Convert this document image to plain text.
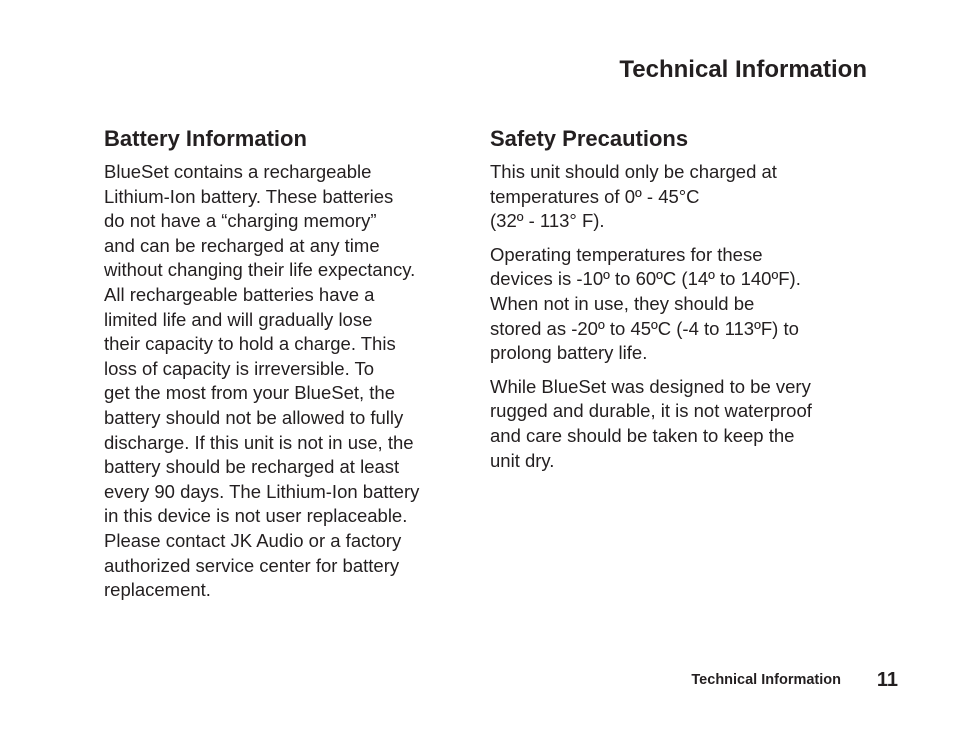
Technical Information
Battery Information

BlueSet contains a rechargeable
Lithium-Ion battery. These batteries
do not have a “charging memory”
and can be recharged at any time
without changing their life expectancy.
All rechargeable batteries have a
limited life and will gradually lose
their capacity to hold a charge. This
loss of capacity is irreversible. To
get the most from your BlueSet, the
battery should not be allowed to fully
discharge. If this unit is not in use, the
battery should be recharged at least
every 90 days. The Lithium-Ion battery
in this device is not user replaceable.
Please contact JK Audio or a factory
authorized service center for battery
replacement.

Safety Precautions

This unit should only be charged at
temperatures of 0º - 45°C
(32º - 113° F).

Operating temperatures for these
devices is -10º to 60ºC (14º to 140ºF).
When not in use, they should be
stored as -20º to 45ºC (-4 to 113ºF) to
prolong battery life.

While BlueSet was designed to be very
rugged and durable, it is not waterproof
and care should be taken to keep the
unit dry.

Technical Information 11
